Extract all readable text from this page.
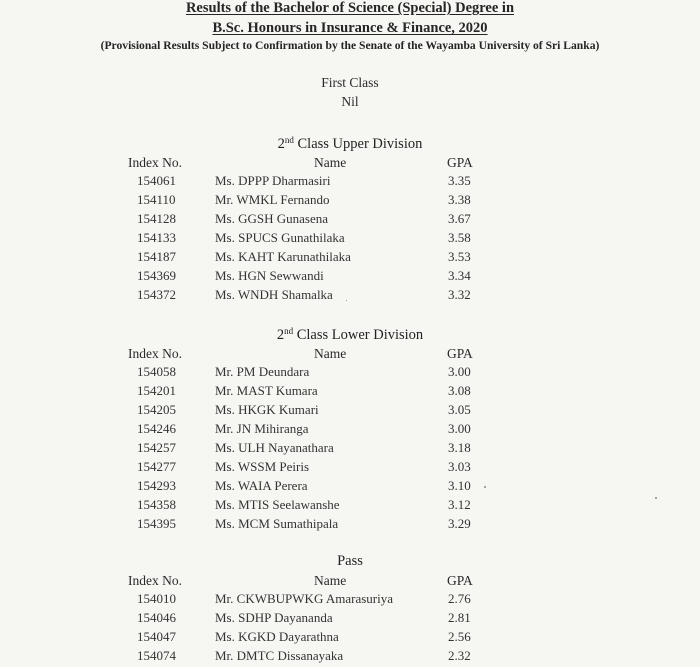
Results of the Bachelor of Science (Special) Degree in
B.Sc. Honours in Insurance & Finance, 2020
(Provisional Results Subject to Confirmation by the Senate of the Wayamba University of Sri Lanka)
First Class
Nil
2nd Class Upper Division
Index No.	Name	GPA
154061	Ms. DPPP Dharmasiri	3.35
154110	Mr. WMKL Fernando	3.38
154128	Ms. GGSH Gunasena	3.67
154133	Ms. SPUCS Gunathilaka	3.58
154187	Ms. KAHT Karunathilaka	3.53
154369	Ms. HGN Sewwandi	3.34
154372	Ms. WNDH Shamalka	3.32
2nd Class Lower Division
Index No.	Name	GPA
154058	Mr. PM Deundara	3.00
154201	Mr. MAST Kumara	3.08
154205	Ms. HKGK Kumari	3.05
154246	Mr. JN Mihiranga	3.00
154257	Ms. ULH Nayanathara	3.18
154277	Ms. WSSM Peiris	3.03
154293	Ms. WAIA Perera	3.10
154358	Ms. MTIS Seelawanshe	3.12
154395	Ms. MCM Sumathipala	3.29
Pass
Index No.	Name	GPA
154010	Mr. CKWBUPWKG Amarasuriya	2.76
154046	Ms. SDHP Dayananda	2.81
154047	Ms. KGKD Dayarathna	2.56
154074	Mr. DMTC Dissanayaka	2.32
